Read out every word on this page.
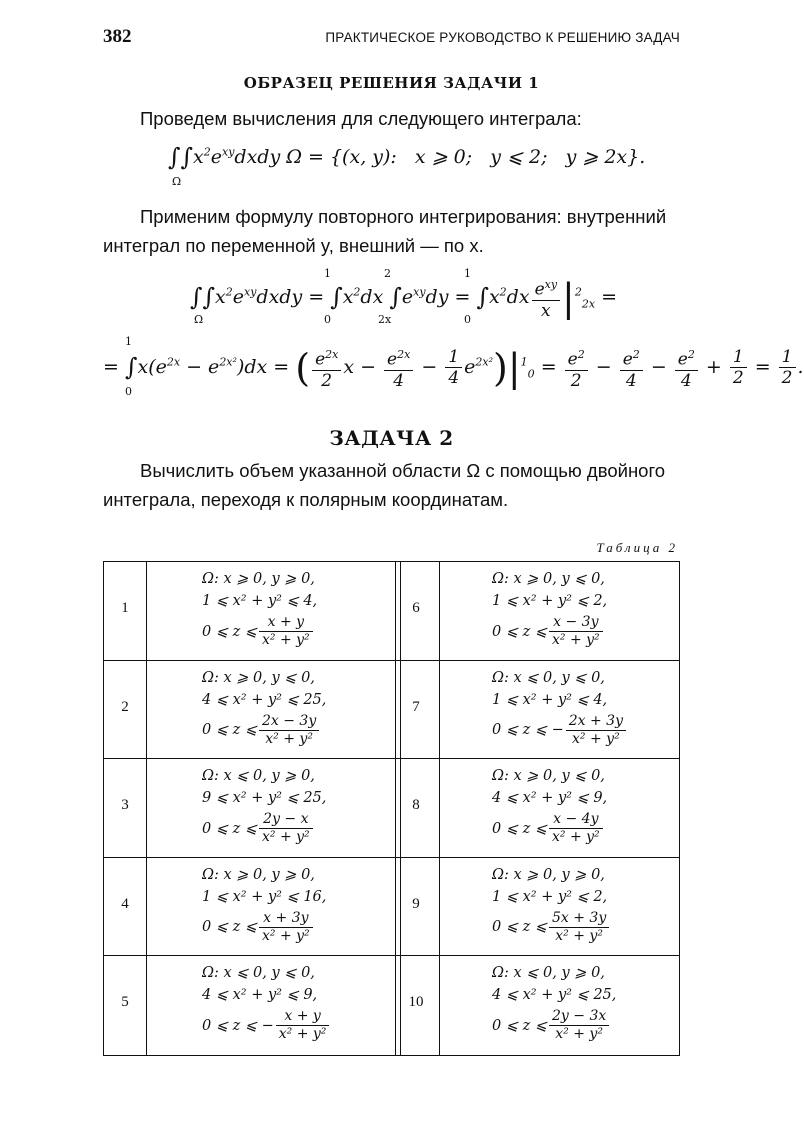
382	ПРАКТИЧЕСКОЕ РУКОВОДСТВО К РЕШЕНИЮ ЗАДАЧ
ОБРАЗЕЦ РЕШЕНИЯ ЗАДАЧИ 1
Проведем вычисления для следующего интеграла:
$\int\int x^2e^{xy}dxdy$ Ω = {(x, y):   x ⩾ 0;   y ⩽ 2;   y ⩾ 2x}.
Ω
Применим формулу повторного интегрирования: внутренний интеграл по переменной y, внешний — по x.
$\int\int x^2e^{xy}dxdy = \int x^2dx$ $\int e^{xy}dy = \int x^2dx \frac{e^{xy}}{x} |^2_{2x}$ =
Ω
1
0
2
2x
1
0
= $\int x(e^{2x} - e^{2x^2})dx$ = ( $\frac{e^{2x}}{2}$ $x - \frac{e^{2x}}{4} - \frac{1}{4} e^{2x^2})|^1_0 = \frac{e^2}{2} - \frac{e^2}{4} - \frac{e^2}{4} + \frac{1}{2} = \frac{1}{2}$ .
1
0
ЗАДАЧА 2
Вычислить объем указанной области Ω с помощью двойного интеграла, переходя к полярным координатам.
Таблица 2
1
Ω: x ⩾ 0, y ⩾ 0,
1 ⩽ x² + y² ⩽ 4,
0 ⩽ z ⩽ $\frac{x + y}{\text{x² + y²}}$
6
Ω: x ⩾ 0, y ⩽ 0,
1 ⩽ x² + y² ⩽ 2,
0 ⩽ z ⩽ $\frac{x - 3y}{\text{x² + y²}}$
2
Ω: x ⩾ 0, y ⩽ 0,
4 ⩽ x² + y² ⩽ 25,
0 ⩽ z ⩽ $\frac{2x - 3y}{\text{x² + y²}}$
7
Ω: x ⩽ 0, y ⩽ 0,
1 ⩽ x² + y² ⩽ 4,
0 ⩽ z ⩽ − $\frac{2x + 3y}{\text{x² + y²}}$
3
Ω: x ⩽ 0, y ⩾ 0,
9 ⩽ x² + y² ⩽ 25,
0 ⩽ z ⩽ $\frac{2y - x}{\text{x² + y²}}$
8
Ω: x ⩾ 0, y ⩽ 0,
4 ⩽ x² + y² ⩽ 9,
0 ⩽ z ⩽ $\frac{x - 4y}{\text{x² + y²}}$
4
Ω: x ⩾ 0, y ⩾ 0,
1 ⩽ x² + y² ⩽ 16,
0 ⩽ z ⩽ $\frac{x + 3y}{\text{x² + y²}}$
9
Ω: x ⩾ 0, y ⩾ 0,
1 ⩽ x² + y² ⩽ 2,
0 ⩽ z ⩽ $\frac{5x + 3y}{\text{x² + y²}}$
5
Ω: x ⩽ 0, y ⩽ 0,
4 ⩽ x² + y² ⩽ 9,
0 ⩽ z ⩽ − $\frac{x + y}{\text{x² + y²}}$
10
Ω: x ⩽ 0, y ⩾ 0,
4 ⩽ x² + y² ⩽ 25,
0 ⩽ z ⩽ $\frac{2y - 3x}{\text{x² + y²}}$
